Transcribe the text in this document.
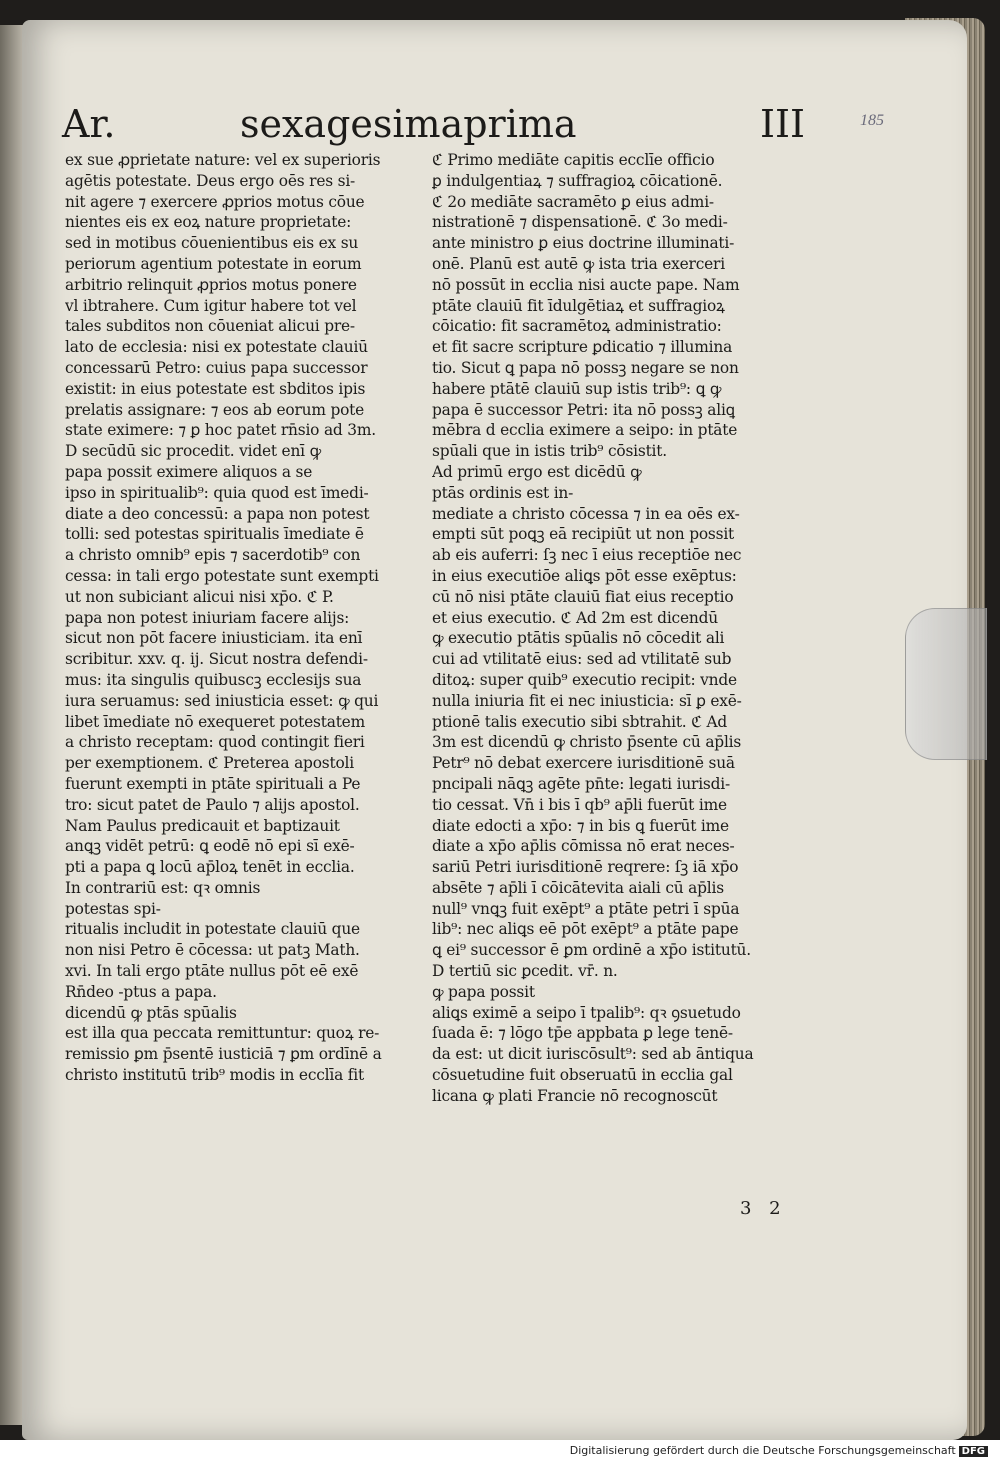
Ar.	sexagesimaprima	III	185
ex sue ꝓprietate nature: vel ex superioris
agētis potestate. Deus ergo oēs res si-
nit agere ⁊ exercere ꝓprios motus cōue
nientes eis ex eoꝝ nature proprietate:
sed in motibus cōuenientibus eis ex su
periorum agentium potestate in eorum
arbitrio relinquit ꝓprios motus ponere
vl ibtrahere. Cum igitur habere tot vel
tales subditos non cōueniat alicui pre-
lato de ecclesia: nisi ex potestate clauiū
concessarū Petro: cuius papa successor
existit: in eius potestate est sbditos ipis
prelatis assignare: ⁊ eos ab eorum pote
state eximere: ⁊ ꝑ hoc patet rn̄sio ad 3m.
D secūdū sic procedit. videt enī ꝙ
papa possit eximere aliquos a se
ipso in spiritualib⁹: quia quod est īmedi-
diate a deo concessū: a papa non potest
tolli: sed potestas spiritualis īmediate ē
a christo omnib⁹ epis ⁊ sacerdotib⁹ con
cessa: in tali ergo potestate sunt exempti
ut non subiciant alicui nisi xp̄o. ℭ P.
papa non potest iniuriam facere alijs:
sicut non pōt facere iniusticiam. ita enī
scribitur. xxv. q. ij. Sicut nostra defendi-
mus: ita singulis quibuscꝫ ecclesijs sua
iura seruamus: sed iniusticia esset: ꝙ qui
libet īmediate nō exequeret potestatem
a christo receptam: quod contingit fieri
per exemptionem. ℭ Preterea apostoli
fuerunt exempti in ptāte spirituali a Pe
tro: sicut patet de Paulo ⁊ alijs apostol.
Nam Paulus predicauit et baptizauit
anꝗꝫ vidēt petrū: ꝗ eodē nō epi sī exē-
pti a papa ꝗ locū ap̄loꝝ tenēt in ecclia.
In contrariū est: qꝛ omnis
potestas spi-
ritualis includit in potestate clauiū que
non nisi Petro ē cōcessa: ut patꝫ Math.
xvi. In tali ergo ptāte nullus pōt eē exē
Rn̄deo -ptus a papa.
dicendū ꝙ ptās spūalis
est illa qua peccata remittuntur: quoꝝ re-
remissio ꝑm p̄sentē iusticiā ⁊ ꝑm ordīnē a
christo institutū trib⁹ modis in ecclīa fit
ℭ Primo mediāte capitis ecclīe officio
ꝑ indulgentiaꝝ ⁊ suffragioꝝ cōicationē.
ℭ 2o mediāte sacramēto ꝑ eius admi-
nistrationē ⁊ dispensationē. ℭ 3o medi-
ante ministro ꝑ eius doctrine illuminati-
onē. Planū est autē ꝙ ista tria exerceri
nō possūt in ecclia nisi aucte pape. Nam
ptāte clauiū fit īdulgētiaꝝ et suffragioꝝ
cōicatio: fit sacramētoꝝ administratio:
et fit sacre scripture ꝑdicatio ⁊ illumina
tio. Sicut ꝗ papa nō possꝫ negare se non
habere ptātē clauiū sup istis trib⁹: ꝗ ꝙ
papa ē successor Petri: ita nō possꝫ aliꝗ
mēbra d ecclia eximere a seipo: in ptāte
spūali que in istis trib⁹ cōsistit.
Ad primū ergo est dicēdū ꝙ
ptās ordinis est in-
mediate a christo cōcessa ⁊ in ea oēs ex-
empti sūt poꝗꝫ eā recipiūt ut non possit
ab eis auferri: ſꝫ nec ī eius receptiōe nec
in eius executiōe aliꝗs pōt esse exēptus:
cū nō nisi ptāte clauiū fiat eius receptio
et eius executio. ℭ Ad 2m est dicendū
ꝙ executio ptātis spūalis nō cōcedit ali
cui ad vtilitatē eius: sed ad vtilitatē sub
ditoꝝ: super quib⁹ executio recipit: vnde
nulla iniuria fit ei nec iniusticia: sī ꝑ exē-
ptionē talis executio sibi sbtrahit. ℭ Ad
3m est dicendū ꝙ christo p̄sente cū ap̄lis
Petr⁹ nō debat exercere iurisditionē suā
pncipali nāꝗꝫ agēte pn̄te: legati iurisdi-
tio cessat. Vn̄ i bis ī qb⁹ ap̄li fuerūt ime
diate edocti a xp̄o: ⁊ in bis ꝗ fuerūt ime
diate a xp̄o ap̄lis cōmissa nō erat neces-
sariū Petri iurisditionē reqrere: ſꝫ iā xp̄o
absēte ⁊ ap̄li ī cōicātevita aiali cū ap̄lis
null⁹ vnꝗꝫ fuit exēpt⁹ a ptāte petri ī spūa
lib⁹: nec aliꝗs eē pōt exēpt⁹ a ptāte pape
ꝗ ei⁹ successor ē ꝑm ordinē a xp̄o istitutū.
D tertiū sic ꝑcedit. vr̄. n.
ꝙ papa possit
aliꝗs eximē a seipo ī tpalib⁹: qꝛ ꝯsuetudo
ſuada ē: ⁊ lōgo tp̄e appbata ꝑ lege tenē-
da est: ut dicit iuriscōsult⁹: sed ab āntiqua
cōsuetudine fuit obseruatū in ecclia gal
licana ꝙ plati Francie nō recognoscūt
3 2
Digitalisierung gefördert durch die Deutsche Forschungsgemeinschaft DFG
